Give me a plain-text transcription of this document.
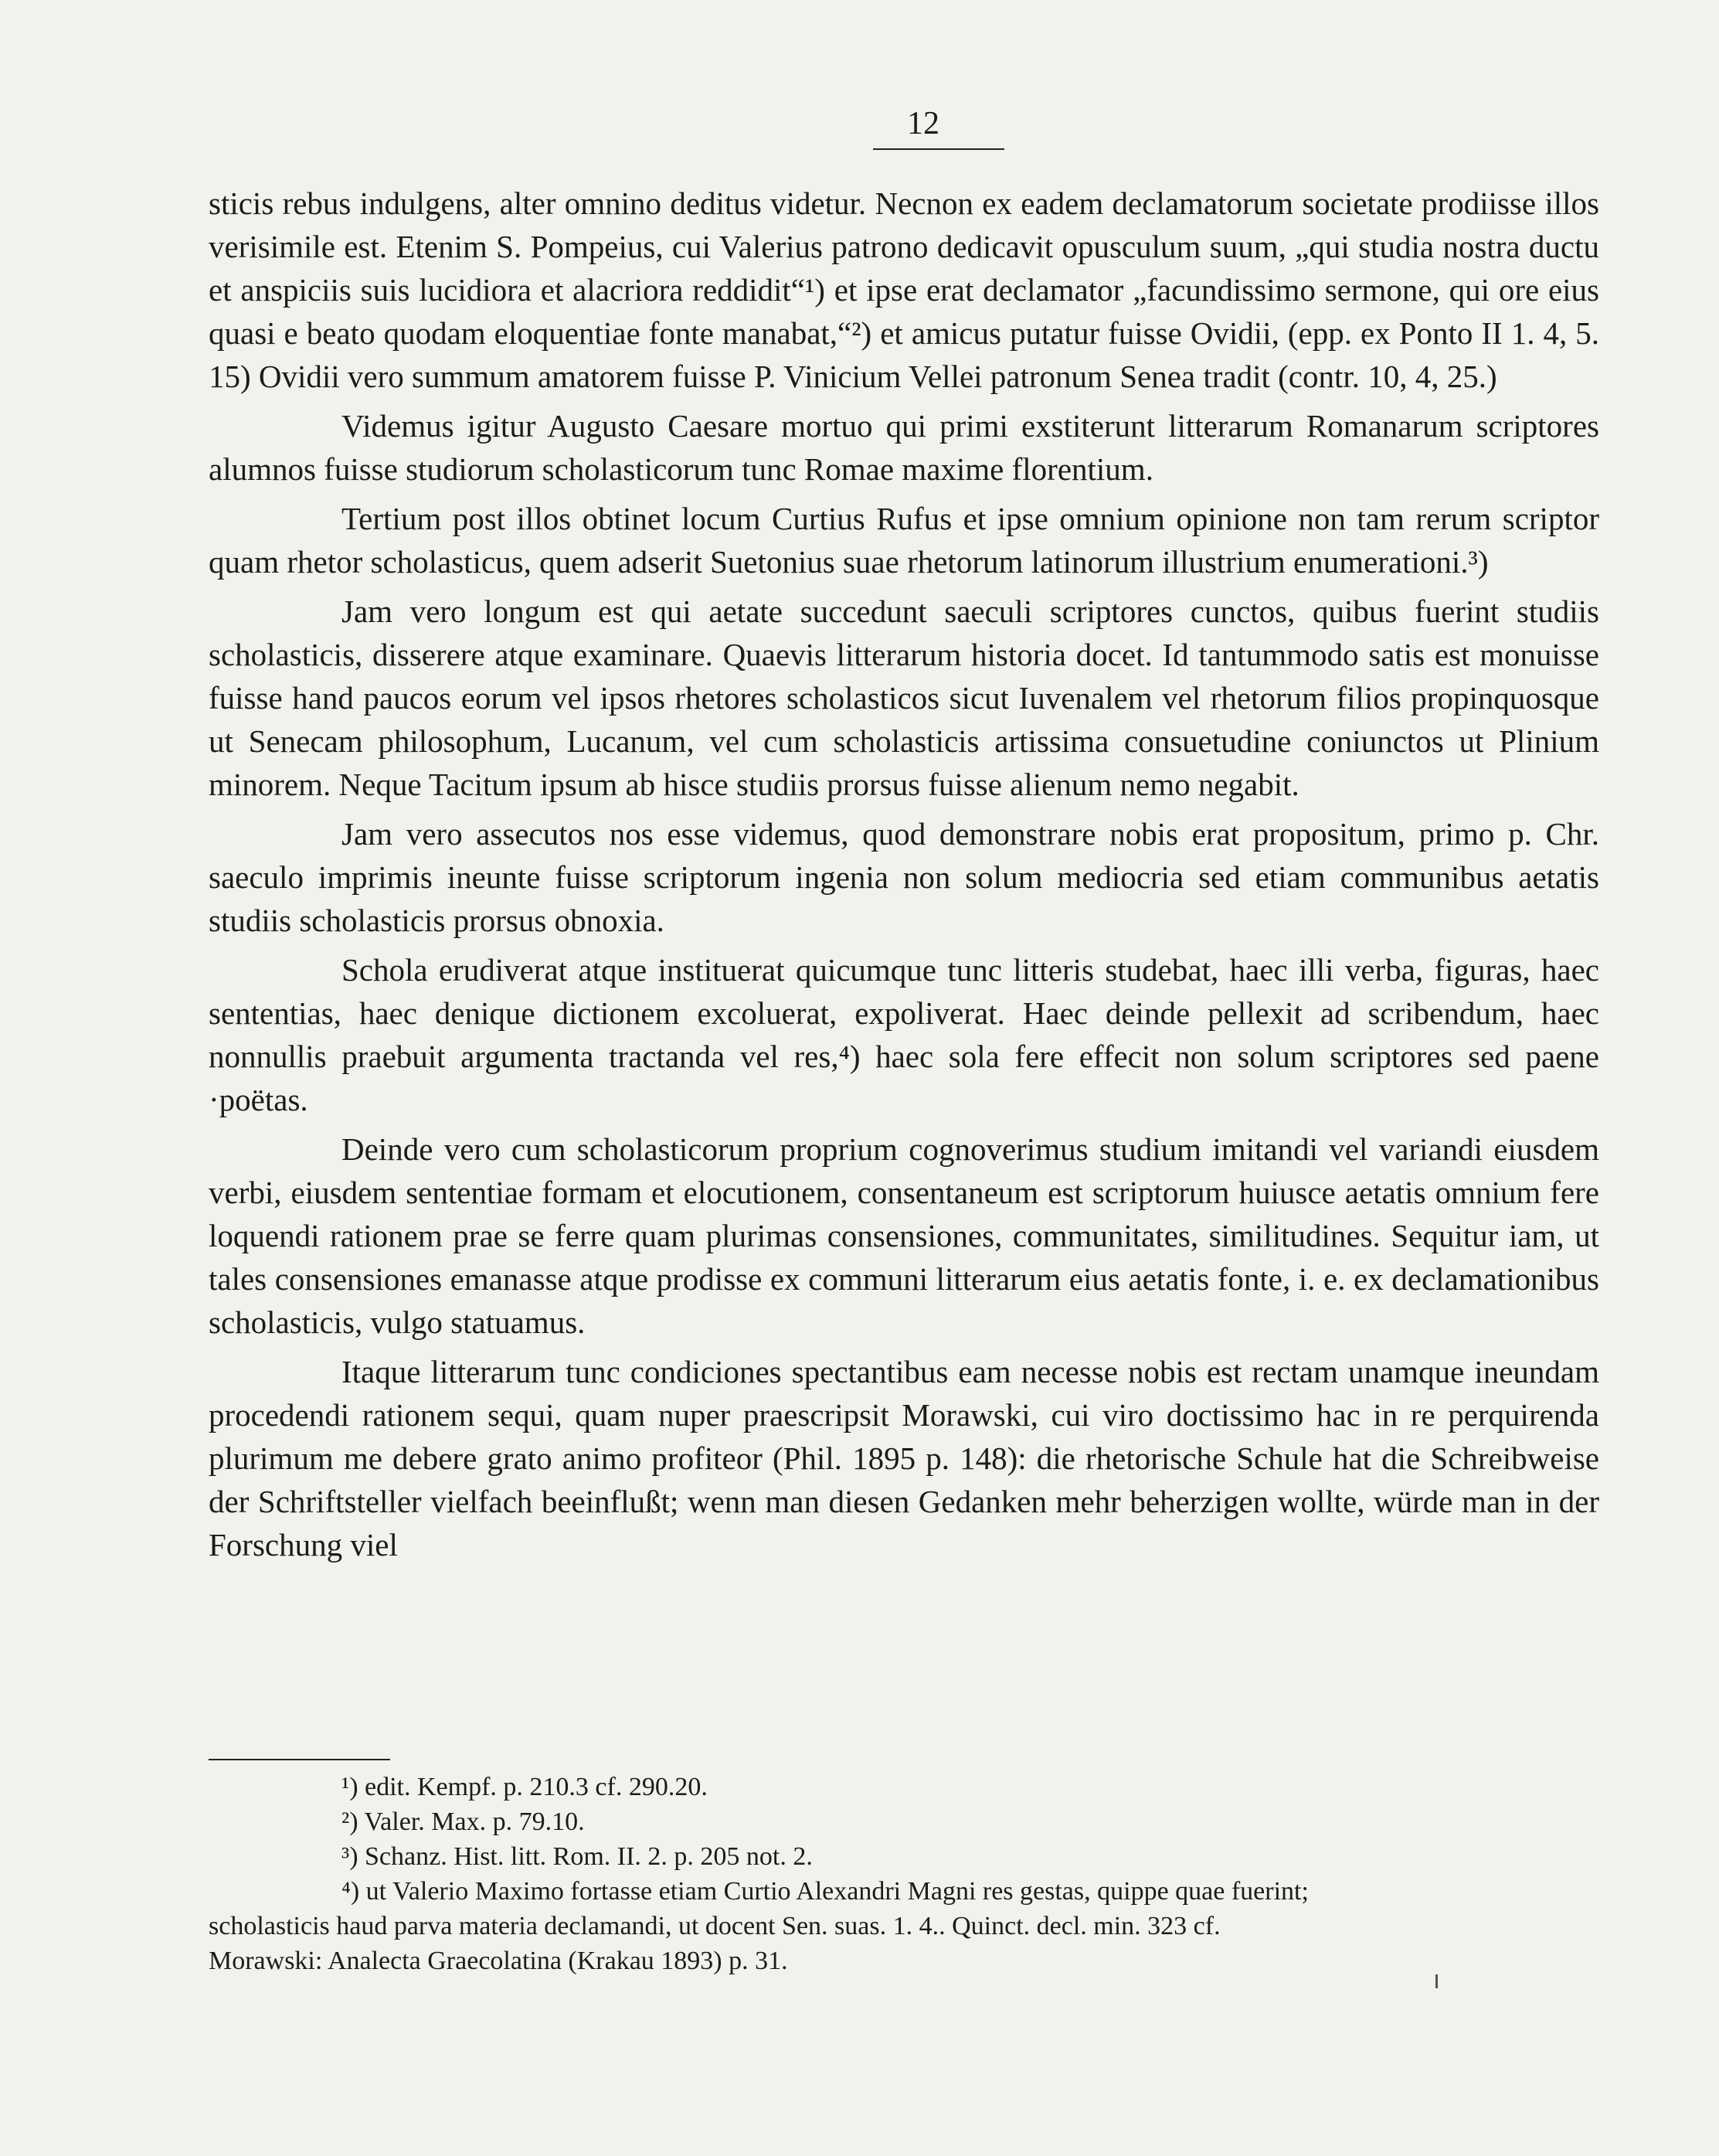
12

sticis rebus indulgens, alter omnino deditus videtur. Necnon ex eadem declamatorum societate prodiisse illos verisimile est. Etenim S. Pompeius, cui Valerius patrono dedicavit opusculum suum, „qui studia nostra ductu et anspiciis suis lucidiora et alacriora reddidit“¹) et ipse erat declamator „facundissimo sermone, qui ore eius quasi e beato quodam eloquentiae fonte manabat,“²) et amicus putatur fuisse Ovidii, (epp. ex Ponto II 1. 4, 5. 15) Ovidii vero summum amatorem fuisse P. Vinicium Vellei patronum Senea tradit (contr. 10, 4, 25.)

Videmus igitur Augusto Caesare mortuo qui primi exstiterunt litterarum Romanarum scriptores alumnos fuisse studiorum scholasticorum tunc Romae maxime florentium.

Tertium post illos obtinet locum Curtius Rufus et ipse omnium opinione non tam rerum scriptor quam rhetor scholasticus, quem adserit Suetonius suae rhetorum latinorum illustrium enumerationi.³)

Jam vero longum est qui aetate succedunt saeculi scriptores cunctos, quibus fuerint studiis scholasticis, disserere atque examinare. Quaevis litterarum historia docet. Id tantummodo satis est monuisse fuisse hand paucos eorum vel ipsos rhetores scholasticos sicut Iuvenalem vel rhetorum filios propinquosque ut Senecam philosophum, Lucanum, vel cum scholasticis artissima consuetudine coniunctos ut Plinium minorem. Neque Tacitum ipsum ab hisce studiis prorsus fuisse alienum nemo negabit.

Jam vero assecutos nos esse videmus, quod demonstrare nobis erat propositum, primo p. Chr. saeculo imprimis ineunte fuisse scriptorum ingenia non solum mediocria sed etiam communibus aetatis studiis scholasticis prorsus obnoxia.

Schola erudiverat atque instituerat quicumque tunc litteris studebat, haec illi verba, figuras, haec sententias, haec denique dictionem excoluerat, expoliverat. Haec deinde pellexit ad scribendum, haec nonnullis praebuit argumenta tractanda vel res,⁴) haec sola fere effecit non solum scriptores sed paene ·poëtas.

Deinde vero cum scholasticorum proprium cognoverimus studium imitandi vel variandi eiusdem verbi, eiusdem sententiae formam et elocutionem, consentaneum est scriptorum huiusce aetatis omnium fere loquendi rationem prae se ferre quam plurimas consensiones, communitates, similitudines. Sequitur iam, ut tales consensiones emanasse atque prodisse ex communi litterarum eius aetatis fonte, i. e. ex declamationibus scholasticis, vulgo statuamus.

Itaque litterarum tunc condiciones spectantibus eam necesse nobis est rectam unamque ineundam procedendi rationem sequi, quam nuper praescripsit Morawski, cui viro doctissimo hac in re perquirenda plurimum me debere grato animo profiteor (Phil. 1895 p. 148): die rhetorische Schule hat die Schreibweise der Schriftsteller vielfach beeinflußt; wenn man diesen Gedanken mehr beherzigen wollte, würde man in der Forschung viel

¹) edit. Kempf. p. 210.3 cf. 290.20.

²) Valer. Max. p. 79.10.

³) Schanz. Hist. litt. Rom. II. 2. p. 205 not. 2.

⁴) ut Valerio Maximo fortasse etiam Curtio Alexandri Magni res gestas, quippe quae fuerint;

scholasticis haud parva materia declamandi, ut docent Sen. suas. 1. 4.. Quinct. decl. min. 323 cf.

Morawski: Analecta Graecolatina (Krakau 1893) p. 31.
